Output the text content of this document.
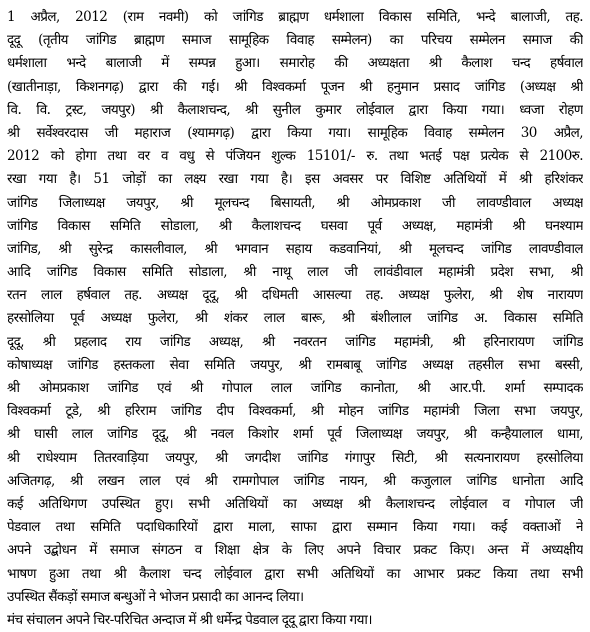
1 अप्रैल, 2012 (राम नवमी) को जांगिड ब्राह्मण धर्मशाला विकास समिति, भन्दे बालाजी, तह.
दूदू (तृतीय जांगिड ब्राह्मण समाज सामूहिक विवाह सम्मेलन) का परिचय सम्मेलन समाज की
धर्मशाला भन्दे बालाजी में सम्पन्न हुआ। समारोह की अध्यक्षता श्री कैलाश चन्द हर्षवाल
(खातीनाड़ा, किशनगढ़) द्वारा की गई। श्री विश्वकर्मा पूजन श्री हनुमान प्रसाद जांगिड (अध्यक्ष श्री
वि. वि. ट्रस्ट, जयपुर) श्री कैलाशचन्द, श्री सुनील कुमार लोईवाल द्वारा किया गया। ध्वजा रोहण
श्री सर्वेश्वरदास जी महाराज (श्यामगढ़) द्वारा किया गया। सामूहिक विवाह सम्मेलन 30 अप्रैल,
2012 को होगा तथा वर व वधु से पंजियन शुल्क 15101/- रु. तथा भतई पक्ष प्रत्येक से 2100रु.
रखा गया है। 51 जोड़ों का लक्ष्य रखा गया है। इस अवसर पर विशिष्ट अतिथियों में श्री हरिशंकर
जांगिड जिलाध्यक्ष जयपुर, श्री मूलचन्द बिसायती, श्री ओमप्रकाश जी लावण्डीवाल अध्यक्ष
जांगिड विकास समिति सोडाला, श्री कैलाशचन्द घसवा पूर्व अध्यक्ष, महामंत्री श्री घनश्याम
जांगिड, श्री सुरेन्द्र कासलीवाल, श्री भगवान सहाय कडवानियां, श्री मूलचन्द जांगिड लावण्डीवाल
आदि जांगिड विकास समिति सोडाला, श्री नाथू लाल जी लावंडीवाल महामंत्री प्रदेश सभा, श्री
रतन लाल हर्षवाल तह. अध्यक्ष दूदू, श्री दधिमती आसल्या तह. अध्यक्ष फुलेरा, श्री शेष नारायण
हरसोलिया पूर्व अध्यक्ष फुलेरा, श्री शंकर लाल बारू, श्री बंशीलाल जांगिड अ. विकास समिति
दूदू, श्री प्रहलाद राय जांगिड अध्यक्ष, श्री नवरतन जांगिड महामंत्री, श्री हरिनारायण जांगिड
कोषाध्यक्ष जांगिड हस्तकला सेवा समिति जयपुर, श्री रामबाबू जांगिड अध्यक्ष तहसील सभा बस्सी,
श्री ओमप्रकाश जांगिड एवं श्री गोपाल लाल जांगिड कानोता, श्री आर.पी. शर्मा सम्पादक
विश्वकर्मा टूडे, श्री हरिराम जांगिड दीप विश्वकर्मा, श्री मोहन जांगिड महामंत्री जिला सभा जयपुर,
श्री घासी लाल जांगिड दूदू, श्री नवल किशोर शर्मा पूर्व जिलाध्यक्ष जयपुर, श्री कन्हैयालाल धामा,
श्री राधेश्याम तितरवाड़िया जयपुर, श्री जगदीश जांगिड गंगापुर सिटी, श्री सत्यनारायण हरसोलिया
अजितगढ़, श्री लखन लाल एवं श्री रामगोपाल जांगिड नायन, श्री कजुलाल जांगिड धानोता आदि
कई अतिथिगण उपस्थित हुए। सभी अतिथियों का अध्यक्ष श्री कैलाशचन्द लोईवाल व गोपाल जी
पेडवाल तथा समिति पदाधिकारियों द्वारा माला, साफा द्वारा सम्मान किया गया। कई वक्ताओं ने
अपने उद्बोधन में समाज संगठन व शिक्षा क्षेत्र के लिए अपने विचार प्रकट किए। अन्त में अध्यक्षीय
भाषण हुआ तथा श्री कैलाश चन्द लोईवाल द्वारा सभी अतिथियों का आभार प्रकट किया तथा सभी
उपस्थित सैंकड़ों समाज बन्धुओं ने भोजन प्रसादी का आनन्द लिया।
मंच संचालन अपने चिर-परिचित अन्दाज में श्री धर्मेन्द्र पेडवाल दूदू द्वारा किया गया।
